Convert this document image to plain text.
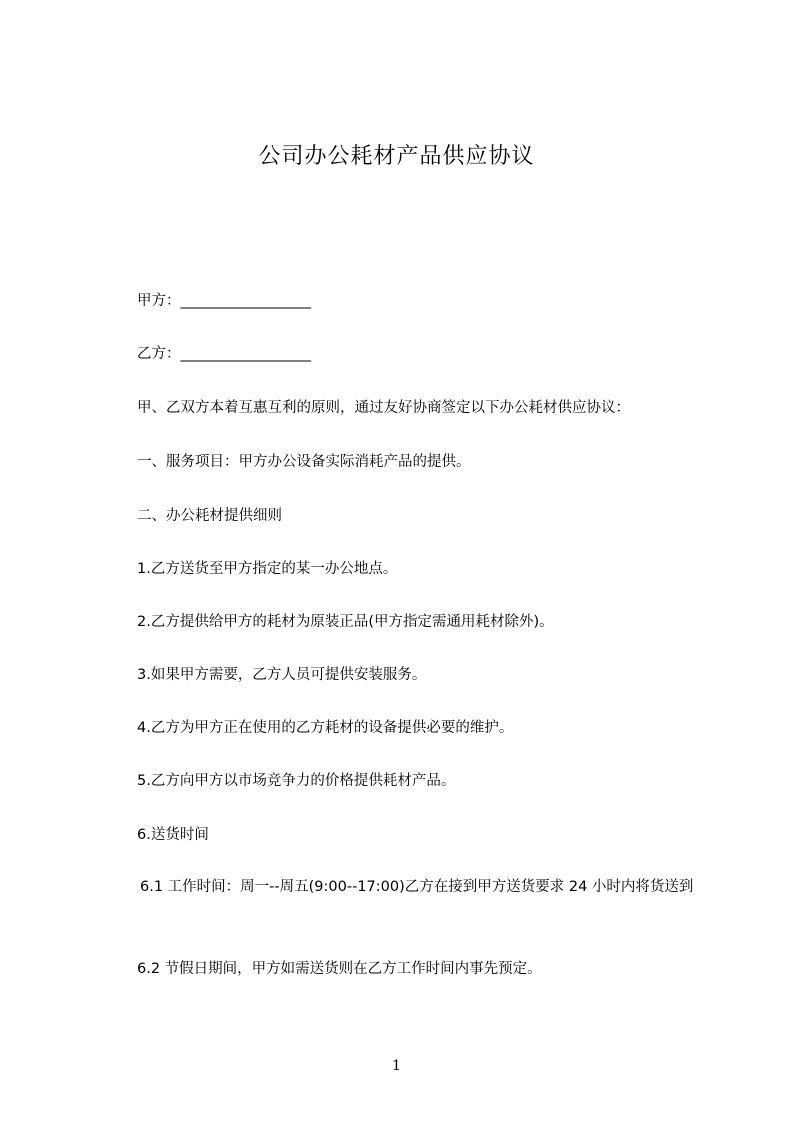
公司办公耗材产品供应协议
甲方：__________________
乙方：__________________
甲、乙双方本着互惠互利的原则，通过友好协商签定以下办公耗材供应协议：
一、服务项目：甲方办公设备实际消耗产品的提供。
二、办公耗材提供细则
1.乙方送货至甲方指定的某一办公地点。
2.乙方提供给甲方的耗材为原装正品(甲方指定需通用耗材除外)。
3.如果甲方需要，乙方人员可提供安装服务。
4.乙方为甲方正在使用的乙方耗材的设备提供必要的维护。
5.乙方向甲方以市场竞争力的价格提供耗材产品。
6.送货时间
6.1 工作时间：周一--周五(9:00--17:00)乙方在接到甲方送货要求 24 小时内将货送到
6.2 节假日期间，甲方如需送货则在乙方工作时间内事先预定。
1
